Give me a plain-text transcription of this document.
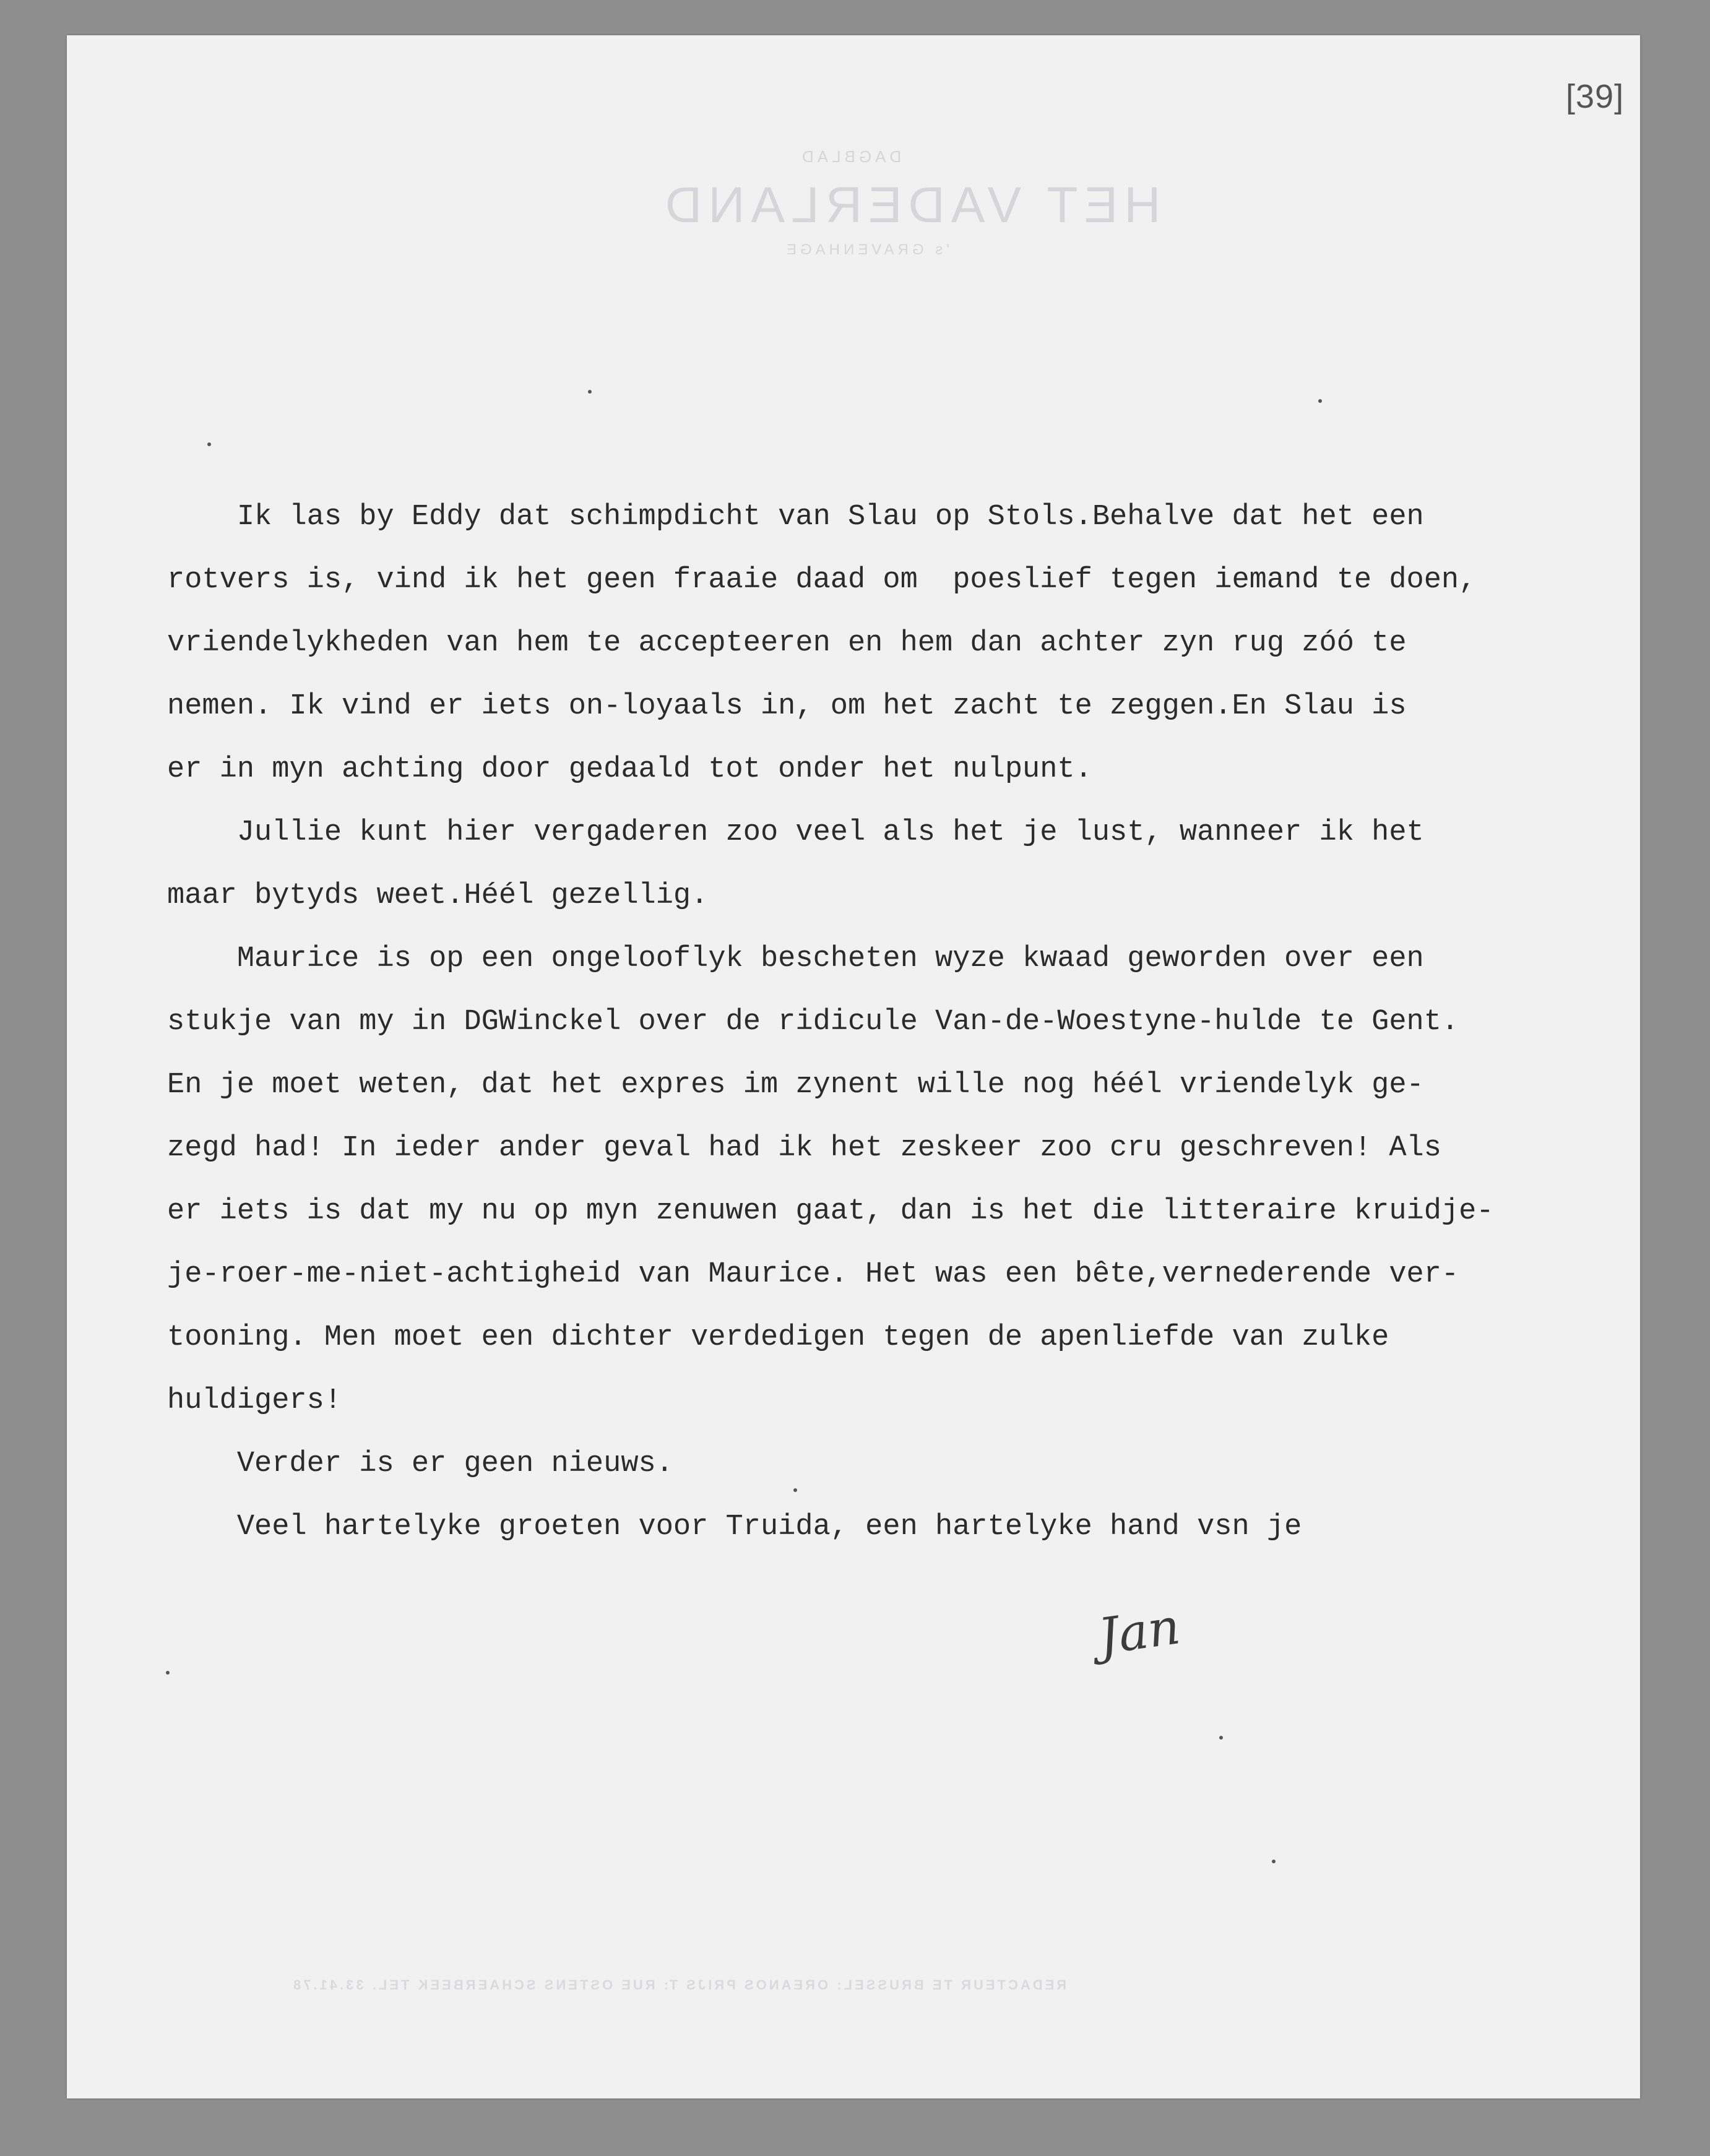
DAGBLAD
HET VADERLAND
's GRAVENHAGE
[39]
Ik las by Eddy dat schimpdicht van Slau op Stols.Behalve dat het een
rotvers is, vind ik het geen fraaie daad om  poeslief tegen iemand te doen,
vriendelykheden van hem te accepteeren en hem dan achter zyn rug zóó te
nemen. Ik vind er iets on-loyaals in, om het zacht te zeggen.En Slau is
er in myn achting door gedaald tot onder het nulpunt.
Jullie kunt hier vergaderen zoo veel als het je lust, wanneer ik het
maar bytyds weet.Héél gezellig.
Maurice is op een ongelooflyk bescheten wyze kwaad geworden over een
stukje van my in DGWinckel over de ridicule Van-de-Woestyne-hulde te Gent.
En je moet weten, dat het expres im zynent wille nog héél vriendelyk ge-
zegd had! In ieder ander geval had ik het zeskeer zoo cru geschreven! Als
er iets is dat my nu op myn zenuwen gaat, dan is het die litteraire kruidje-
je-roer-me-niet-achtigheid van Maurice. Het was een bête,vernederende ver-
tooning. Men moet een dichter verdedigen tegen de apenliefde van zulke
huldigers!
Verder is er geen nieuws.
Veel hartelyke groeten voor Truida, een hartelyke hand vsn je
Jan
REDACTEUR TE BRUSSEL: OREANOS PRIJS T: RUE OSTENS SCHAERBEEK TEL. 33.41.78
